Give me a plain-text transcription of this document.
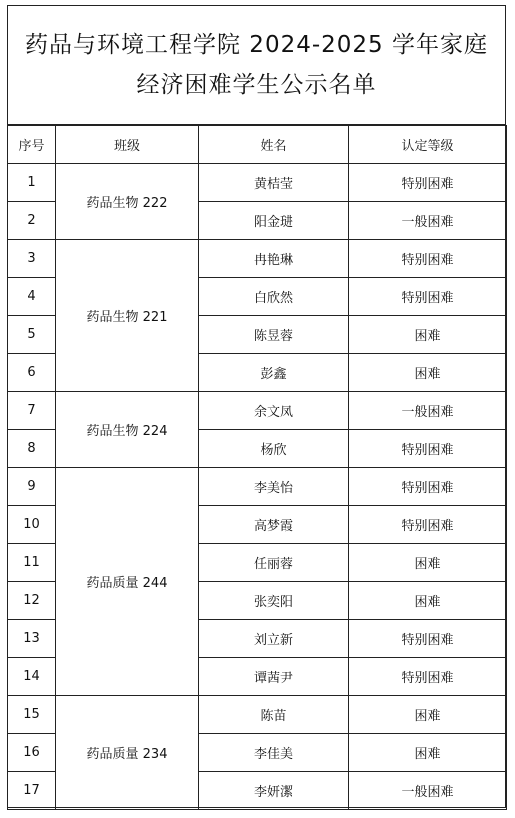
药品与环境工程学院 2024-2025 学年家庭
经济困难学生公示名单
序号	班级	姓名	认定等级
1	药品生物 222	黄桔莹	特别困难
2		阳金琎	一般困难
3	药品生物 221	冉艳琳	特别困难
4		白欣然	特别困难
5		陈昱蓉	困难
6		彭鑫	困难
7	药品生物 224	余文凤	一般困难
8		杨欣	特别困难
9	药品质量 244	李美怡	特别困难
10		高梦霞	特别困难
11		任丽蓉	困难
12		张奕阳	困难
13		刘立新	特别困难
14		谭茜尹	特别困难
15	药品质量 234	陈苗	困难
16		李佳美	困难
17		李妍潔	一般困难
